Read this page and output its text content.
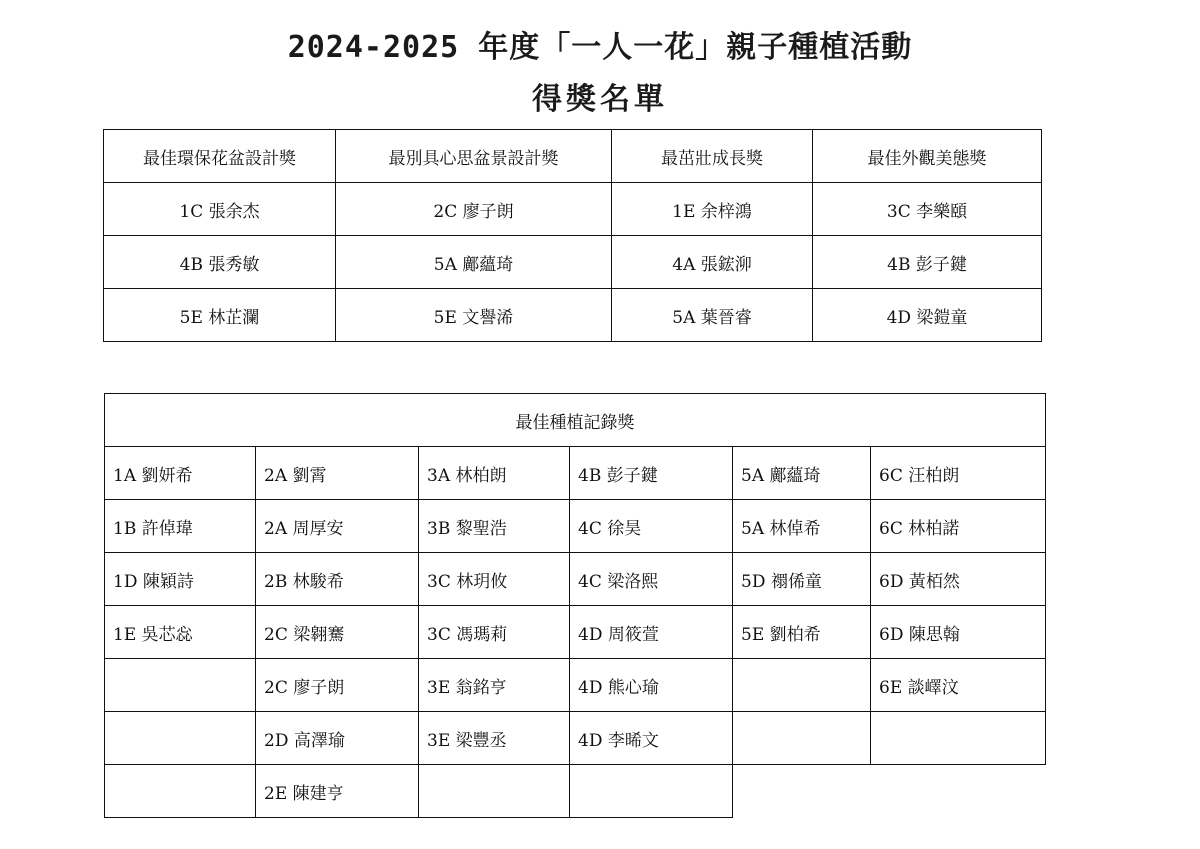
2024-2025 年度「一人一花」親子種植活動
得獎名單
最佳環保花盆設計獎	最別具心思盆景設計獎	最茁壯成長獎	最佳外觀美態獎
1C 張余杰	2C 廖子朗	1E 余梓鴻	3C 李樂頤
4B 張秀敏	5A 鄺蘊琦	4A 張鋐泖	4B 彭子鍵
5E 林芷瀾	5E 文譽浠	5A 葉晉睿	4D 梁鎧童
最佳種植記錄獎					
1A 劉妍希	2A 劉霄	3A 林柏朗	4B 彭子鍵	5A 鄺蘊琦	6C 汪柏朗
1B 許倬瑋	2A 周厚安	3B 黎聖浩	4C 徐昊	5A 林倬希	6C 林柏諾
1D 陳穎詩	2B 林駿希	3C 林玥攸	4C 梁洛熙	5D 禤俙童	6D 黃栢然
1E 吳芯惢	2C 梁翱騫	3C 馮瑪莉	4D 周筱萱	5E 劉柏希	6D 陳思翰
	2C 廖子朗	3E 翁銘亨	4D 熊心瑜		6E 談嶧汶
	2D 高澤瑜	3E 梁豐丞	4D 李晞文		
	2E 陳建亨				
